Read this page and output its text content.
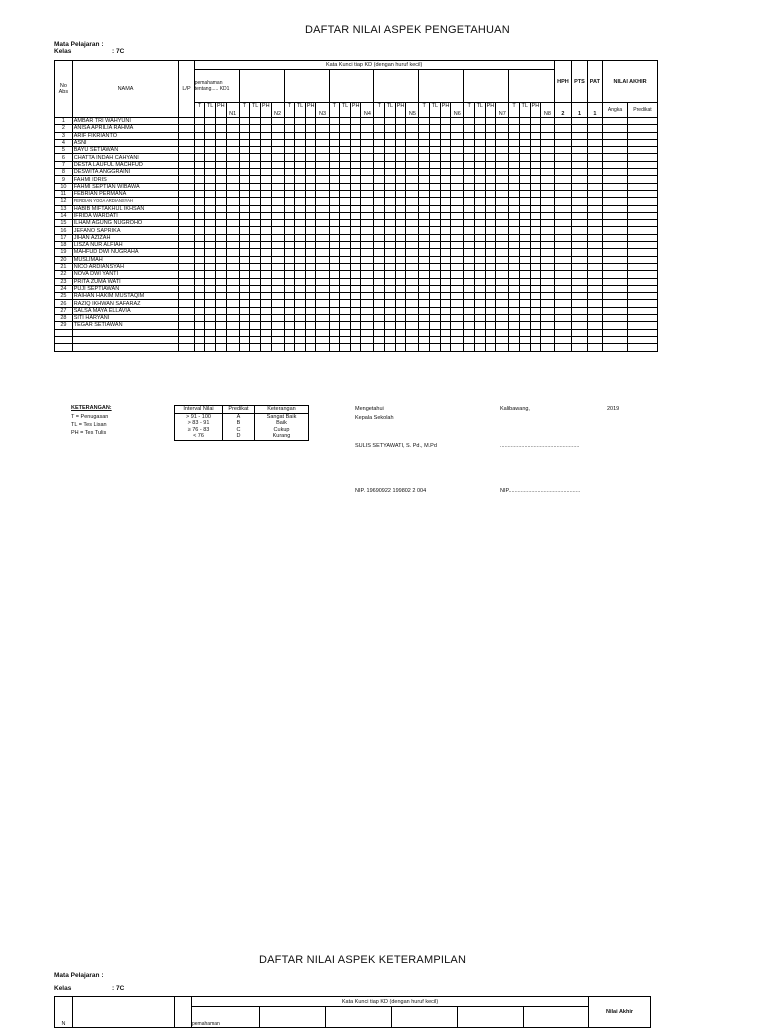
DAFTAR NILAI ASPEK PENGETAHUAN
Mata Pelajaran :
Kelas	: 7C
No Abs	NAMA	L/P	Kata Kunci tiap KD (dengan huruf kecil)																																HPH	PTS	PAT	NILAI AKHIR	
			pemahaman tentang..... KD1																																				
			T	TL	PH	N1	T	TL	PH	N2	T	TL	PH	N3	T	TL	PH	N4	T	TL	PH	N5	T	TL	PH	N6	T	TL	PH	N7	T	TL	PH	N8	2	1	1	Angka	Predikat
1	AMBAR TRI WAHYUNI																																						
2	ANISA APRILIA RAHMA																																						
3	ARIF FIKRIANTO																																						
4	ASNI																																						
5	BAYU SETIAWAN																																						
6	CHATTA INDAH CAHYANI																																						
7	DESTA LAUFUL MACHFUD																																						
8	DESWITA ANGGRAINI																																						
9	FAHMI IDRIS																																						
10	FAHMI SEPTIAN WIBAWA																																						
11	FEBRIAN PERMANA																																						
12	FERDIAN YOGA ARDIANSYAH																																						
13	HABIB MIFTAKHUL IKHSAN																																						
14	IFRIDA WARDATI																																						
15	ILHAM AGUNG NUGROHO																																						
16	JEFANO SAPRIKA																																						
17	JIHAN AZIZAH																																						
18	LISZA NUR ALFIAH																																						
19	MAHFUD DWI NUGRAHA																																						
20	MUSLIMAH																																						
21	NICO ARDIANSYAH																																						
22	NOVA DWI YANTI																																						
23	PRITA ZUMA WATI																																						
24	PUJI SEPTIAWAN																																						
25	RAIHAN HAKIM MUSTAQIM																																						
26	RAZIQ IKHWAN SAFARAZ																																						
27	SALSA MAYA ELLAVIA																																						
28	SITI HARYANI																																						
29	TEGAR SETIAWAN																																						

KETERANGAN:
T = Penugasan
TL = Tes Lisan
PH = Tes Tulis
Interval Nilai	Predikat	Keterangan
> 91 - 100	A	Sangat Baik
> 83 - 91	B	Baik
≥ 76 - 83	C	Cukup
< 76	D	Kurang
Mengetahui
Kepala Sekolah
Kalibawang,	2019
SULIS SETYAWATI, S. Pd., M.Pd	....................................................
NIP. 19690922 199802 2 004	NIP...............................................
DAFTAR NILAI ASPEK KETERAMPILAN
Mata Pelajaran :
Kelas	: 7C
N			Kata Kunci tiap KD (dengan huruf kecil)						Nilai Akhir
			pemahaman						
